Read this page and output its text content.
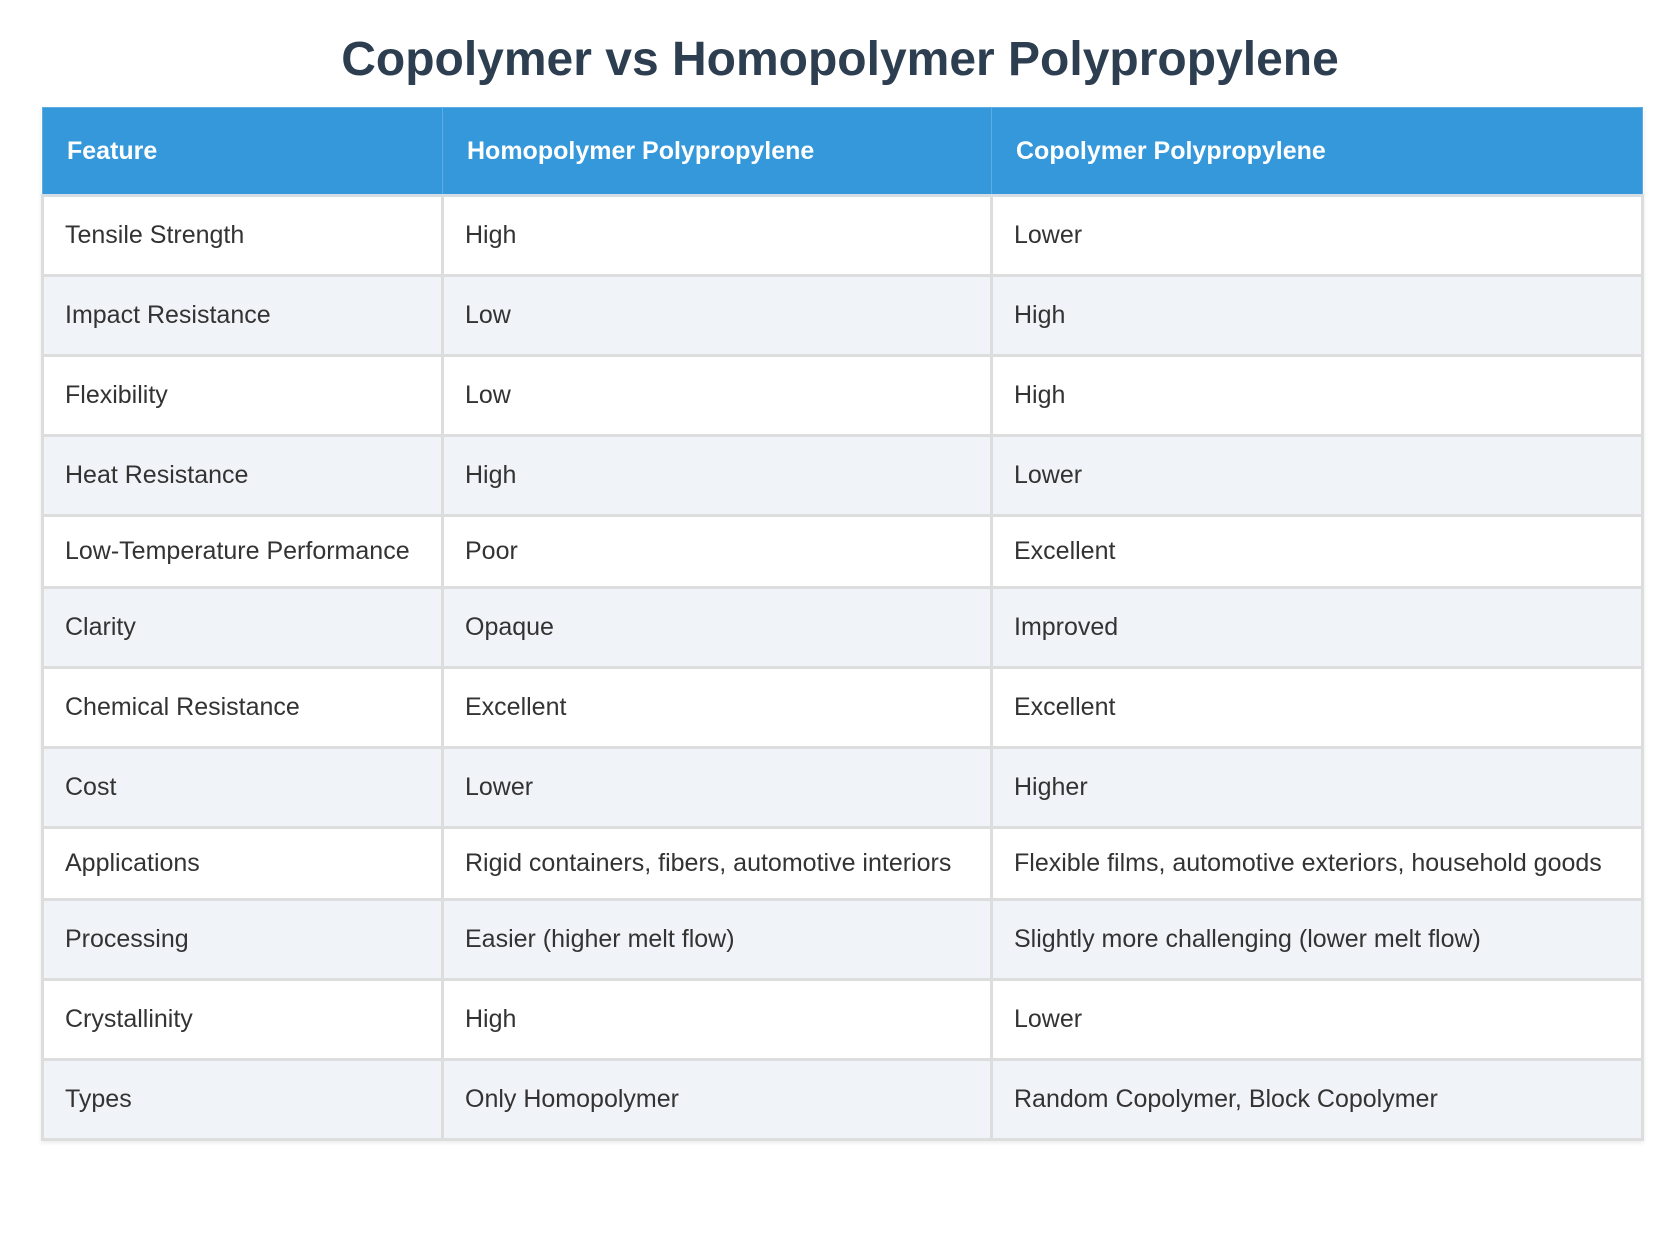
Copolymer vs Homopolymer Polypropylene
Feature	Homopolymer Polypropylene	Copolymer Polypropylene
Tensile Strength	High	Lower
Impact Resistance	Low	High
Flexibility	Low	High
Heat Resistance	High	Lower
Low-Temperature Performance	Poor	Excellent
Clarity	Opaque	Improved
Chemical Resistance	Excellent	Excellent
Cost	Lower	Higher
Applications	Rigid containers, fibers, automotive interiors	Flexible films, automotive exteriors, household goods
Processing	Easier (higher melt flow)	Slightly more challenging (lower melt flow)
Crystallinity	High	Lower
Types	Only Homopolymer	Random Copolymer, Block Copolymer
